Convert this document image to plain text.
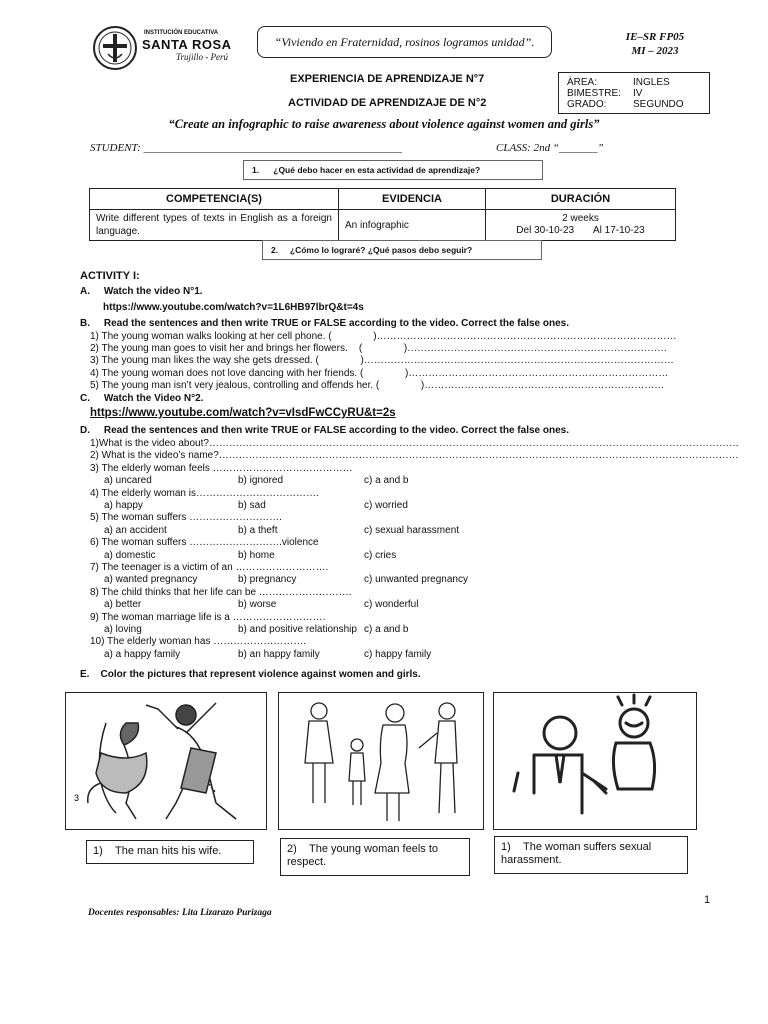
INSTITUCIÓN EDUCATIVA
SANTA ROSA
Trujillo - Perú
“Viviendo en Fraternidad, rosinos logramos unidad”.	IE–SR FP05
MI – 2023
EXPERIENCIA DE APRENDIZAJE N°7
ACTIVIDAD DE APRENDIZAJE DE N°2
ÀREA:	INGLES
BIMESTRE:	IV
GRADO:	SEGUNDO
“Create an infographic to raise awareness about violence against women and girls”
STUDENT: _______________________________________________	CLASS: 2nd “_______”
1.      ¿Qué debo hacer en esta actividad de aprendizaje?
COMPETENCIA(S)	EVIDENCIA	DURACIÓN
Write different types of texts in English as a foreign language.	An infographic	2 weeks
Del 30-10-23       Al 17-10-23
2.     ¿Cómo lo lograré? ¿Qué pasos debo seguir?
ACTIVITY I:
A.     Watch the video N°1.
https://www.youtube.com/watch?v=1L6HB97lbrQ&t=4s
B.     Read the sentences and then write TRUE or FALSE according to the video. Correct the false ones.
1) The young woman walks looking at her cell phone. (               )………………………………………………………………………………
2) The young man goes to visit her and brings her flowers.    (               )……………………………………………………………………
3) The young man likes the way she gets dressed. (               )…………………………………………………………………………………
4) The young woman does not love dancing with her friends. (               )……………………………………………………………………
5) The young man isn’t very jealous, controlling and offends her. (               )………………………………………………………………
C.     Watch the Video N°2.
https://www.youtube.com/watch?v=vIsdFwCCyRU&t=2s
D.     Read the sentences and then write TRUE or FALSE according to the video. Correct the false ones.
1)What is the video about?……………………………………………………………………………………………………………………………………………
2) What is the video’s name?…………………………………………………………………………………………………………………………………………
3) The elderly woman feels ……………………………………
a) uncared	b) ignored	c) a and b
4) The elderly woman is……………………………….
a) happy	b) sad	c) worried
5) The woman suffers ……………………….
a) an accident	b) a theft	c) sexual harassment
6) The woman suffers ……………………….violence
a) domestic	b) home	c) cries
7) The teenager is a victim of an ……………………….
a) wanted pregnancy	b) pregnancy	c) unwanted pregnancy
8) The child thinks that her life can be ……………………….
a) better	b) worse	c) wonderful
9) The woman marriage life is a ……………………….
a) loving	b) and positive relationship c) a and b
10) The elderly woman has ……………………….
a) a happy family	b) an happy family	c) happy family
E.    Color the pictures that represent violence against women and girls.
3
1) The man hits his wife.	2) The young woman feels to respect.
1) The woman suffers sexual harassment.
1
Docentes responsables: Lita Lizarazo Purizaga
